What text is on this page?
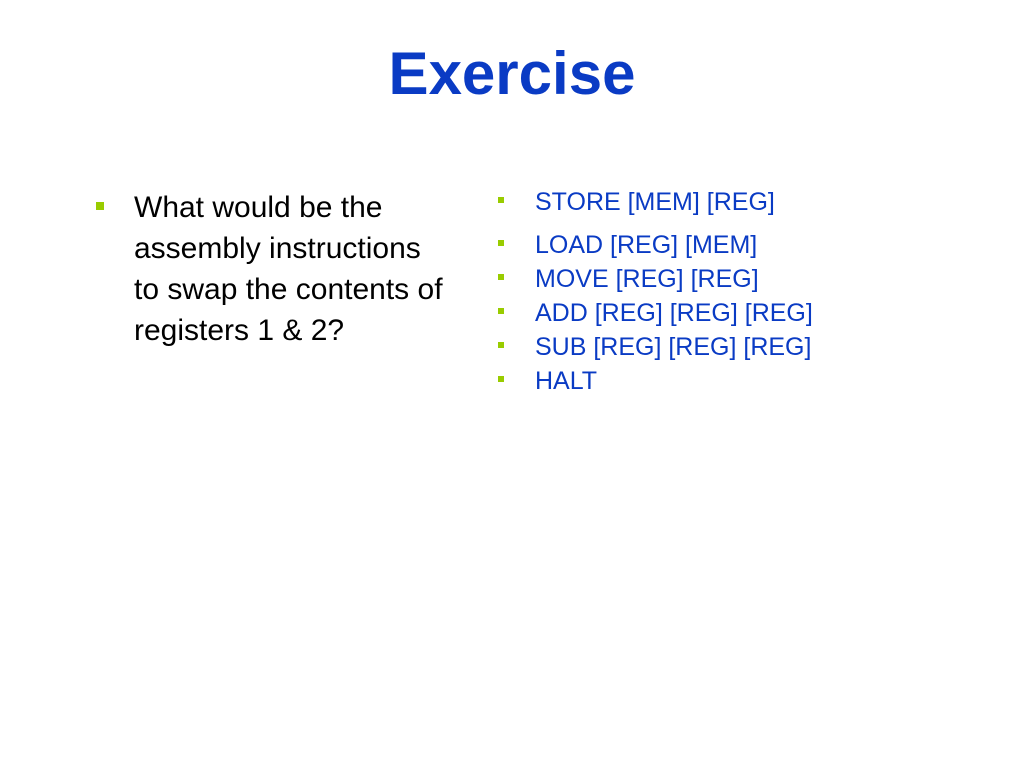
Exercise
What would be the assembly instructions to swap the contents of registers 1 & 2?
STORE [MEM] [REG]
LOAD [REG] [MEM]
MOVE [REG] [REG]
ADD [REG] [REG] [REG]
SUB [REG] [REG] [REG]
HALT
